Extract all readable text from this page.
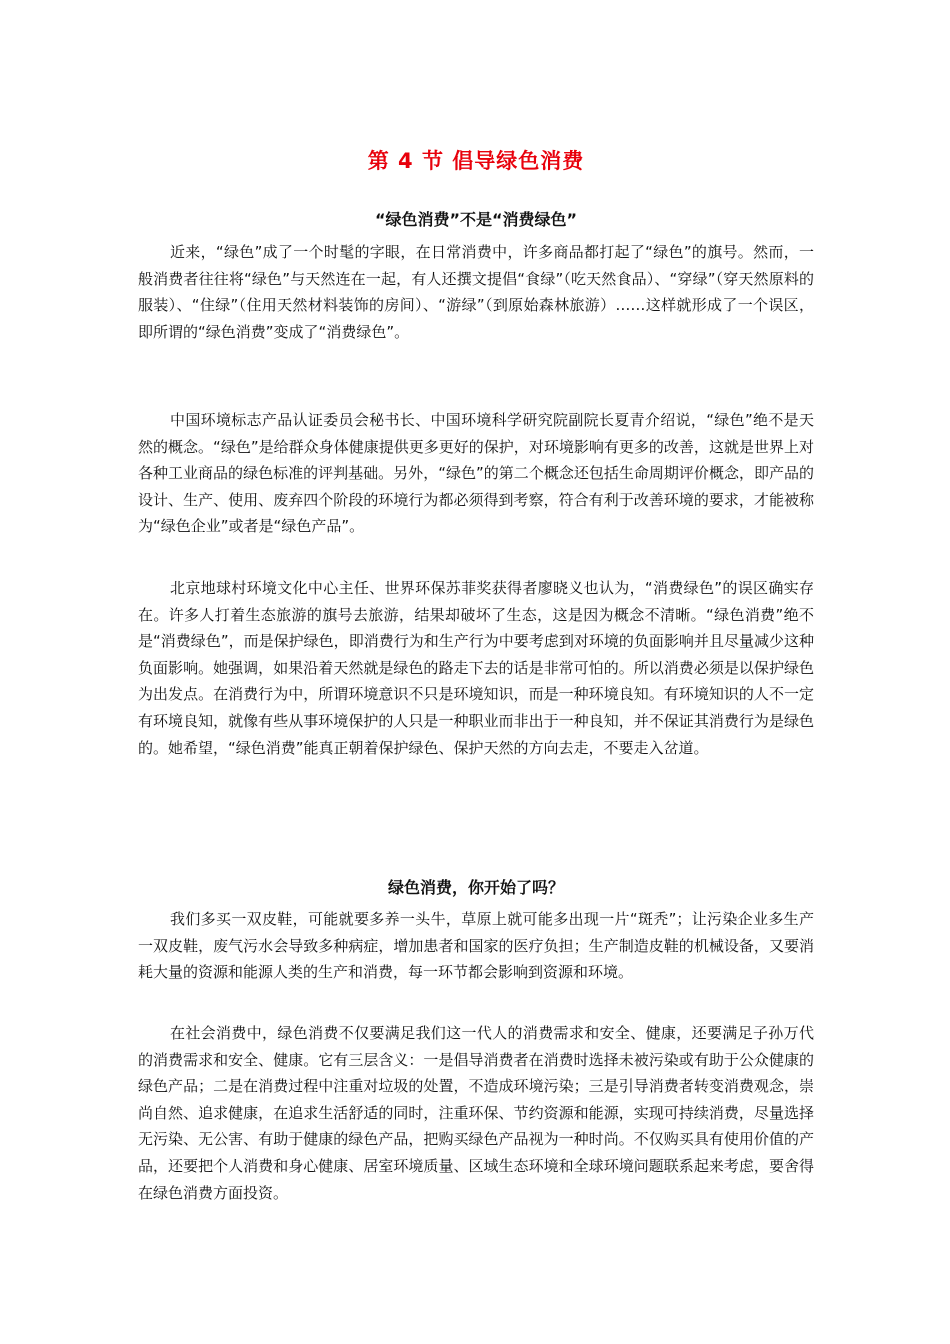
第 4 节 倡导绿色消费
“绿色消费”不是“消费绿色”

近来，“绿色”成了一个时髦的字眼，在日常消费中，许多商品都打起了“绿色”的旗号。然而，一般消费者往往将“绿色”与天然连在一起，有人还撰文提倡“食绿”（吃天然食品）、“穿绿”（穿天然原料的服装）、“住绿”（住用天然材料装饰的房间）、“游绿”（到原始森林旅游）……这样就形成了一个误区，即所谓的“绿色消费”变成了“消费绿色”。

中国环境标志产品认证委员会秘书长、中国环境科学研究院副院长夏青介绍说，“绿色”绝不是天然的概念。“绿色”是给群众身体健康提供更多更好的保护，对环境影响有更多的改善，这就是世界上对各种工业商品的绿色标准的评判基础。另外，“绿色”的第二个概念还包括生命周期评价概念，即产品的设计、生产、使用、废弃四个阶段的环境行为都必须得到考察，符合有利于改善环境的要求，才能被称为“绿色企业”或者是“绿色产品”。

北京地球村环境文化中心主任、世界环保苏菲奖获得者廖晓义也认为，“消费绿色”的误区确实存在。许多人打着生态旅游的旗号去旅游，结果却破坏了生态，这是因为概念不清晰。“绿色消费”绝不是“消费绿色”，而是保护绿色，即消费行为和生产行为中要考虑到对环境的负面影响并且尽量减少这种负面影响。她强调，如果沿着天然就是绿色的路走下去的话是非常可怕的。所以消费必须是以保护绿色为出发点。在消费行为中，所谓环境意识不只是环境知识，而是一种环境良知。有环境知识的人不一定有环境良知，就像有些从事环境保护的人只是一种职业而非出于一种良知，并不保证其消费行为是绿色的。她希望，“绿色消费”能真正朝着保护绿色、保护天然的方向去走，不要走入岔道。

绿色消费，你开始了吗？

我们多买一双皮鞋，可能就要多养一头牛，草原上就可能多出现一片“斑秃”；让污染企业多生产一双皮鞋，废气污水会导致多种病症，增加患者和国家的医疗负担；生产制造皮鞋的机械设备，又要消耗大量的资源和能源人类的生产和消费，每一环节都会影响到资源和环境。

在社会消费中，绿色消费不仅要满足我们这一代人的消费需求和安全、健康，还要满足子孙万代的消费需求和安全、健康。它有三层含义：一是倡导消费者在消费时选择未被污染或有助于公众健康的绿色产品；二是在消费过程中注重对垃圾的处置，不造成环境污染；三是引导消费者转变消费观念，崇尚自然、追求健康，在追求生活舒适的同时，注重环保、节约资源和能源，实现可持续消费，尽量选择无污染、无公害、有助于健康的绿色产品，把购买绿色产品视为一种时尚。不仅购买具有使用价值的产品，还要把个人消费和身心健康、居室环境质量、区域生态环境和全球环境问题联系起来考虑，要舍得在绿色消费方面投资。
